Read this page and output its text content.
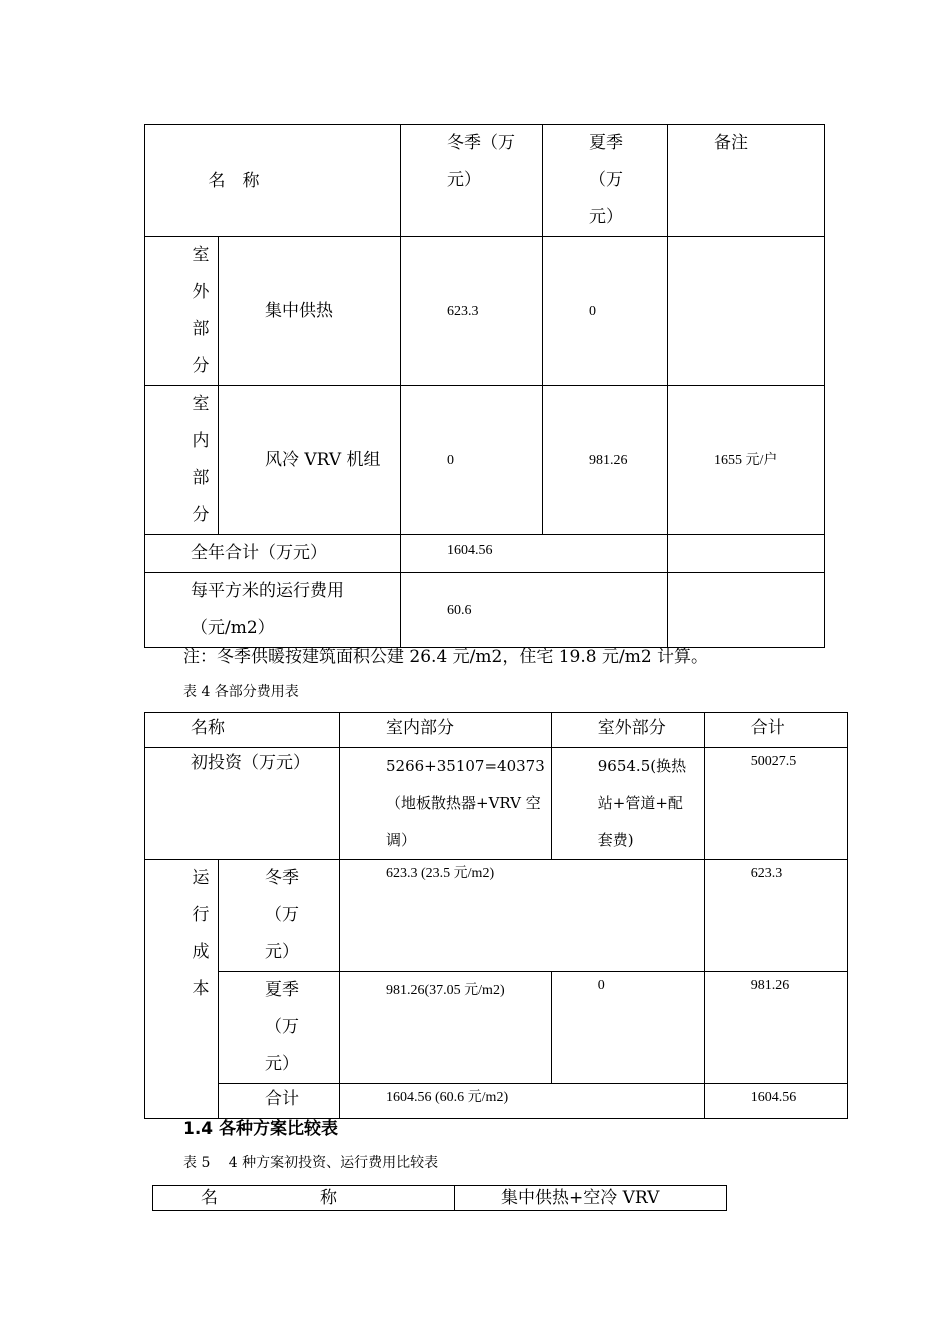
名　称		冬季（万元）	夏季（万元）	备注

室外部分	集中供热	623.3	0	

室内部分	风冷 VRV 机组	0	981.26	1655 元/户

全年合计（万元）		1604.56		

每平方米的运行费用（元/m2）		60.6		

注：冬季供暖按建筑面积公建 26.4 元/m2，住宅 19.8 元/m2 计算。
表 4 各部分费用表
名称		室内部分	室外部分	合计

初投资（万元）		5266+35107=40373（地板散热器+VRV 空调）	9654.5(换热站+管道+配套费)	50027.5

运行成本	冬季（万元）	623.3 (23.5 元/m2)		623.3

	夏季（万元）	981.26(37.05 元/m2)	0	981.26

	合计	1604.56 (60.6 元/m2)		1604.56
1.4 各种方案比较表
表 5　 4 种方案初投资、运行费用比较表
名　　　　　　称	集中供热+空冷 VRV
